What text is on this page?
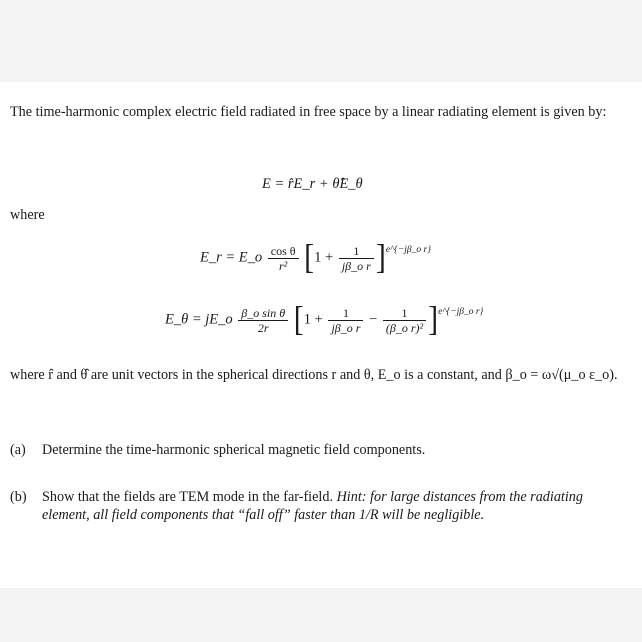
The time-harmonic complex electric field radiated in free space by a linear radiating element is given by:

E = r̂E_r + θ̂E_θ

where

E_r = E_o $\frac{\text{cos θ}}{\text{r²}} [1 + \frac{1}{\text{jβ\_o r}} ]^{e\^{}\{-j\beta\_o r\}}$
E_θ = jE_o $\frac{\text{β\_o sin θ}}{2r} [1 + \frac{1}{\text{jβ\_o r}} - \frac{1}{\text{(β\_o r)²}} ]^{e\^{}\{-j\beta\_o r\}}$

where r̂ and θ̂ are unit vectors in the spherical directions r and θ, E_o is a constant, and β_o = ω√(μ_o ε_o).

(a) Determine the time-harmonic spherical magnetic field components.
(b) Show that the fields are TEM mode in the far-field. Hint: for large distances from the radiating element, all field components that “fall off” faster than 1/R will be negligible.
